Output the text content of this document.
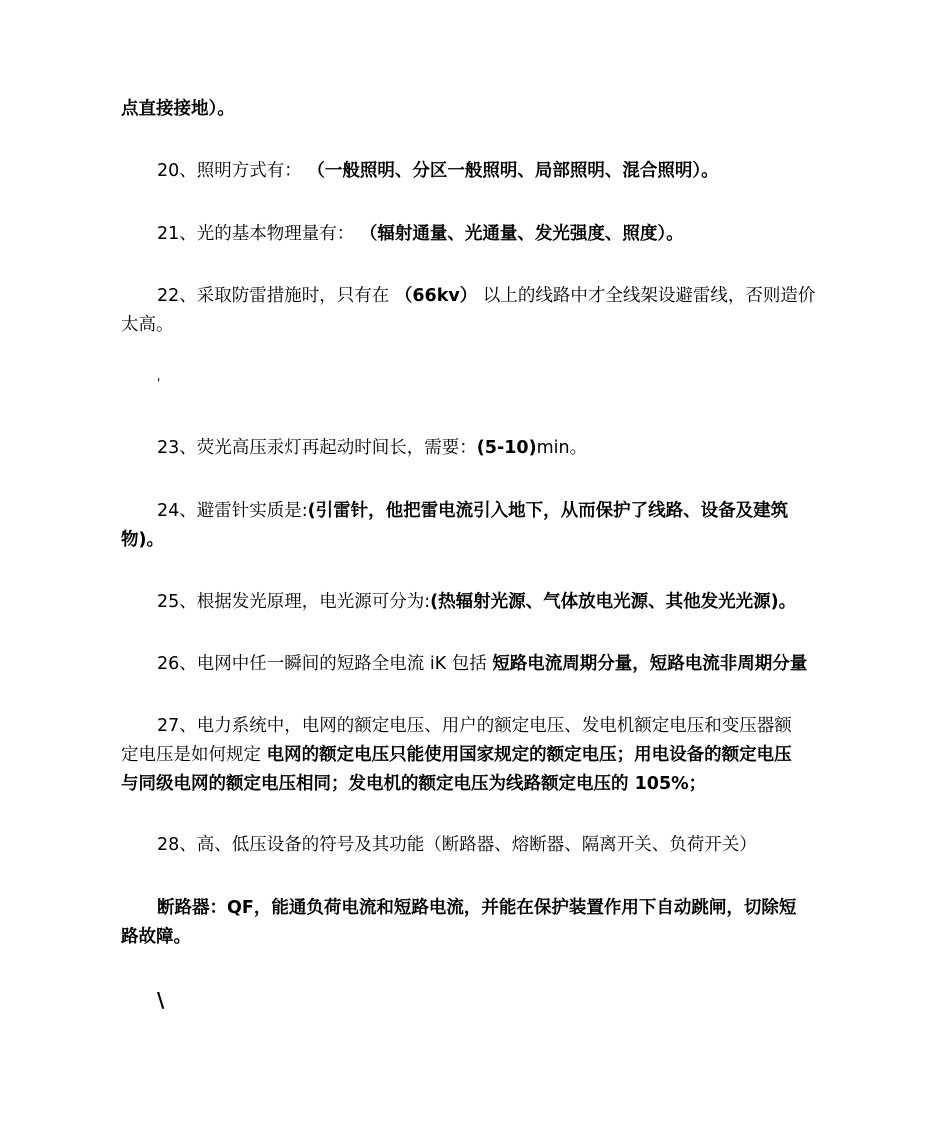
点直接接地）。
20、照明方式有： （一般照明、分区一般照明、局部照明、混合照明）。
21、光的基本物理量有： （辐射通量、光通量、发光强度、照度）。
22、采取防雷措施时，只有在 （66kv） 以上的线路中才全线架设避雷线，否则造价
太高。
'
23、荧光高压汞灯再起动时间长，需要：(5-10)min。
24、避雷针实质是:(引雷针，他把雷电流引入地下，从而保护了线路、设备及建筑
物)。
25、根据发光原理，电光源可分为:(热辐射光源、气体放电光源、其他发光光源)。
26、电网中任一瞬间的短路全电流 iK 包括 短路电流周期分量，短路电流非周期分量
27、电力系统中，电网的额定电压、用户的额定电压、发电机额定电压和变压器额
定电压是如何规定 电网的额定电压只能使用国家规定的额定电压；用电设备的额定电压
与同级电网的额定电压相同；发电机的额定电压为线路额定电压的 105%；
28、高、低压设备的符号及其功能（断路器、熔断器、隔离开关、负荷开关）
断路器：QF，能通负荷电流和短路电流，并能在保护装置作用下自动跳闸，切除短
路故障。
\
